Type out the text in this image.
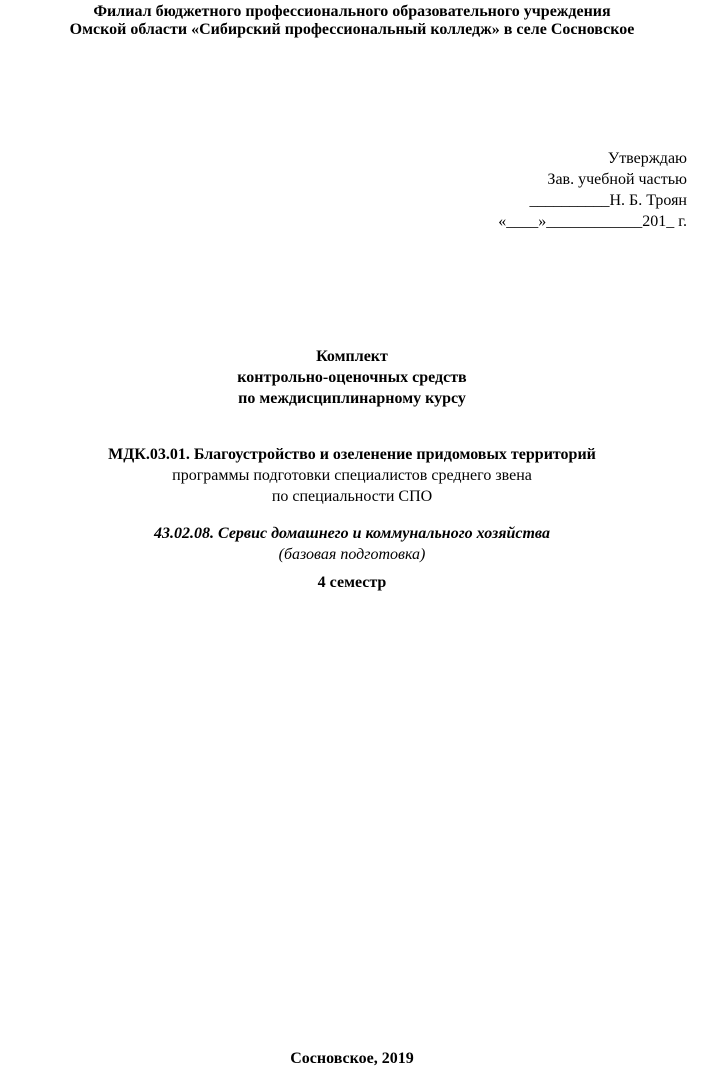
Филиал бюджетного профессионального образовательного учреждения
Омской области «Сибирский профессиональный колледж» в селе Сосновское
Утверждаю
Зав. учебной частью
__________Н. Б. Троян
«____»____________201_ г.
Комплект
контрольно-оценочных средств
по междисциплинарному курсу
МДК.03.01. Благоустройство и озеленение придомовых территорий
программы подготовки специалистов среднего звена
по специальности СПО
43.02.08. Сервис домашнего и коммунального хозяйства
(базовая подготовка)
4 семестр
Сосновское, 2019
